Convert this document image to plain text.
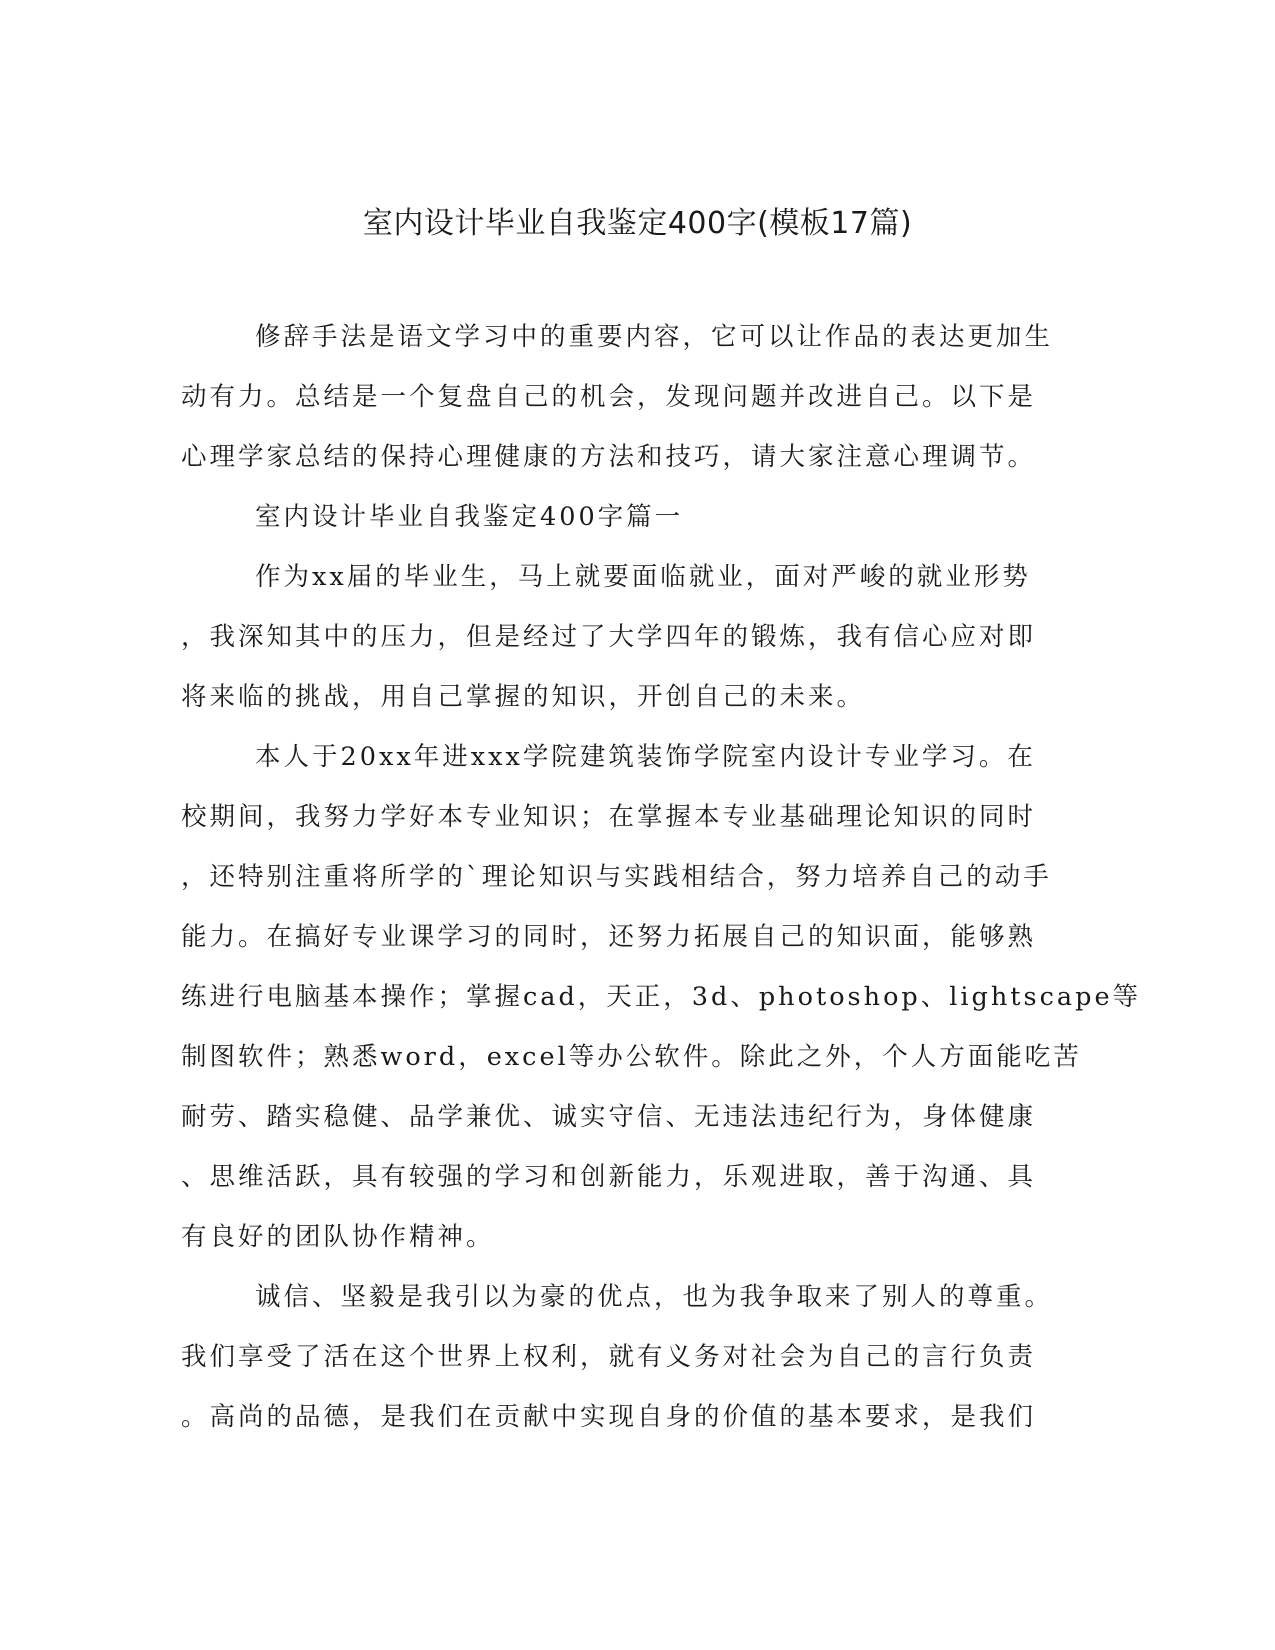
室内设计毕业自我鉴定400字(模板17篇)
修辞手法是语文学习中的重要内容，它可以让作品的表达更加生
动有力。总结是一个复盘自己的机会，发现问题并改进自己。以下是
心理学家总结的保持心理健康的方法和技巧，请大家注意心理调节。
室内设计毕业自我鉴定400字篇一
作为xx届的毕业生，马上就要面临就业，面对严峻的就业形势
，我深知其中的压力，但是经过了大学四年的锻炼，我有信心应对即
将来临的挑战，用自己掌握的知识，开创自己的未来。
本人于20xx年进xxx学院建筑装饰学院室内设计专业学习。在
校期间，我努力学好本专业知识；在掌握本专业基础理论知识的同时
，还特别注重将所学的`理论知识与实践相结合，努力培养自己的动手
能力。在搞好专业课学习的同时，还努力拓展自己的知识面，能够熟
练进行电脑基本操作；掌握cad，天正，3d、photoshop、lightscape等
制图软件；熟悉word，excel等办公软件。除此之外，个人方面能吃苦
耐劳、踏实稳健、品学兼优、诚实守信、无违法违纪行为，身体健康
、思维活跃，具有较强的学习和创新能力，乐观进取，善于沟通、具
有良好的团队协作精神。
诚信、坚毅是我引以为豪的优点，也为我争取来了别人的尊重。
我们享受了活在这个世界上权利，就有义务对社会为自己的言行负责
。高尚的品德，是我们在贡献中实现自身的价值的基本要求，是我们
